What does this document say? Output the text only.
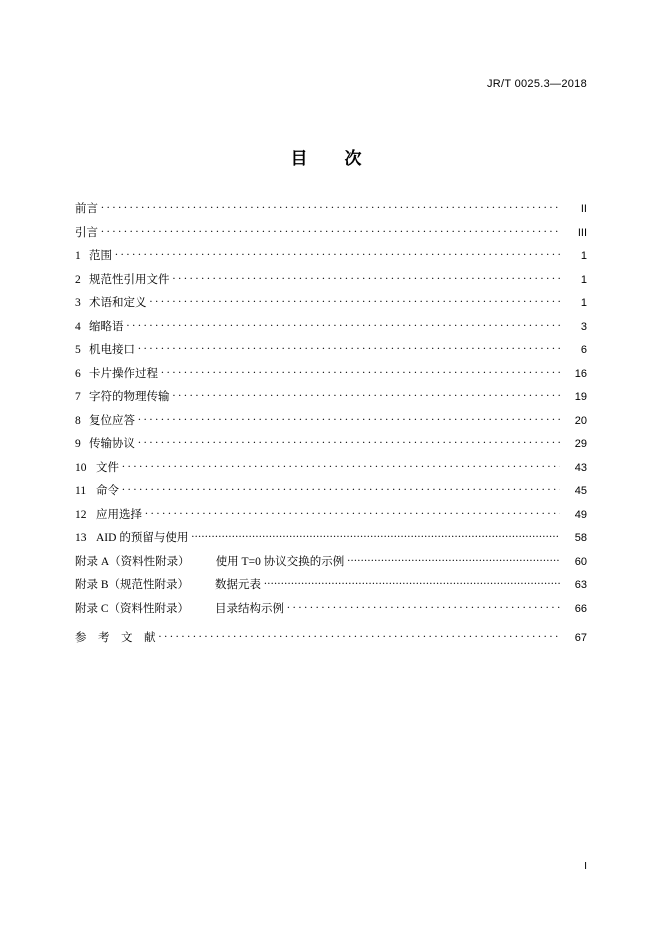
JR/T 0025.3—2018
目　次
前言 . . .	II
引言 . . .	III
1 范围 . . .	1
2 规范性引用文件 . . .	1
3 术语和定义 . . .	1
4 缩略语 . . .	3
5 机电接口 . . .	6
6 卡片操作过程 . . .	16
7 字符的物理传输 . . .	19
8 复位应答 . . .	20
9 传输协议 . . .	29
10 文件 . . .	43
11 命令 . . .	45
12 应用选择 . . .	49
13 AID 的预留与使用 .....	58
附录 A（资料性附录）	使用 T=0 协议交换的示例 .....	60
附录 B（规范性附录）	数据元表 .....	63
附录 C（资料性附录）	目录结构示例 . . .	66
参　考　文　献 . . .	67
I
